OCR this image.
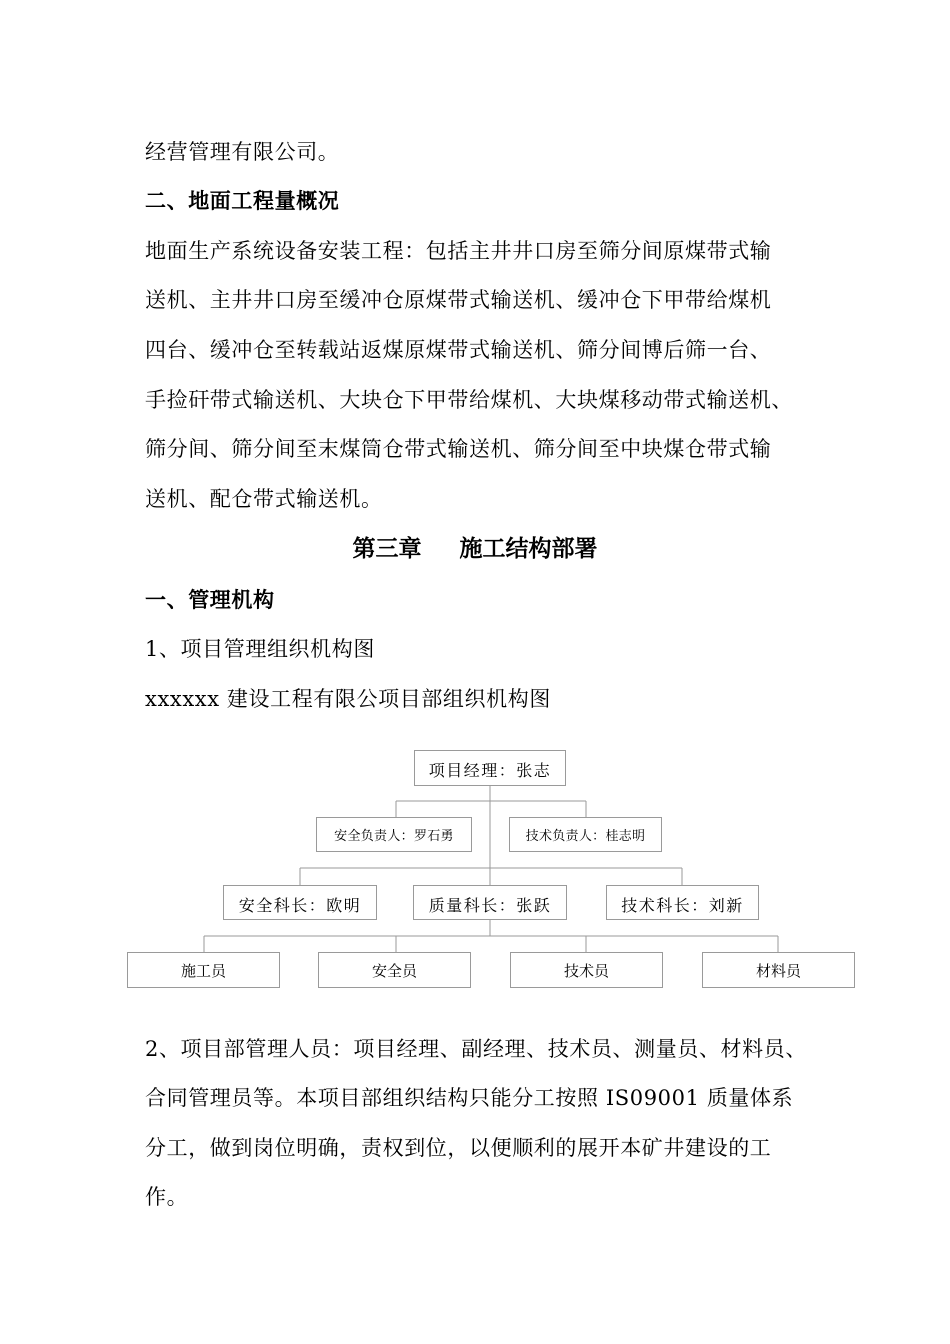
经营管理有限公司。

二、地面工程量概况

地面生产系统设备安装工程：包括主井井口房至筛分间原煤带式输

送机、主井井口房至缓冲仓原煤带式输送机、缓冲仓下甲带给煤机

四台、缓冲仓至转载站返煤原煤带式输送机、筛分间博后筛一台、

手捡矸带式输送机、大块仓下甲带给煤机、大块煤移动带式输送机、

筛分间、筛分间至末煤筒仓带式输送机、筛分间至中块煤仓带式输

送机、配仓带式输送机。

第三章 施工结构部署

一、管理机构

1、项目管理组织机构图

xxxxxx 建设工程有限公项目部组织机构图

项目经理：张志
安全负责人：罗石勇	技术负责人：桂志明
安全科长：欧明	质量科长：张跃	技术科长：刘新
施工员	安全员	技术员	材料员

2、项目部管理人员：项目经理、副经理、技术员、测量员、材料员、

合同管理员等。本项目部组织结构只能分工按照 IS09001 质量体系

分工，做到岗位明确，责权到位，以便顺利的展开本矿井建设的工

作。
